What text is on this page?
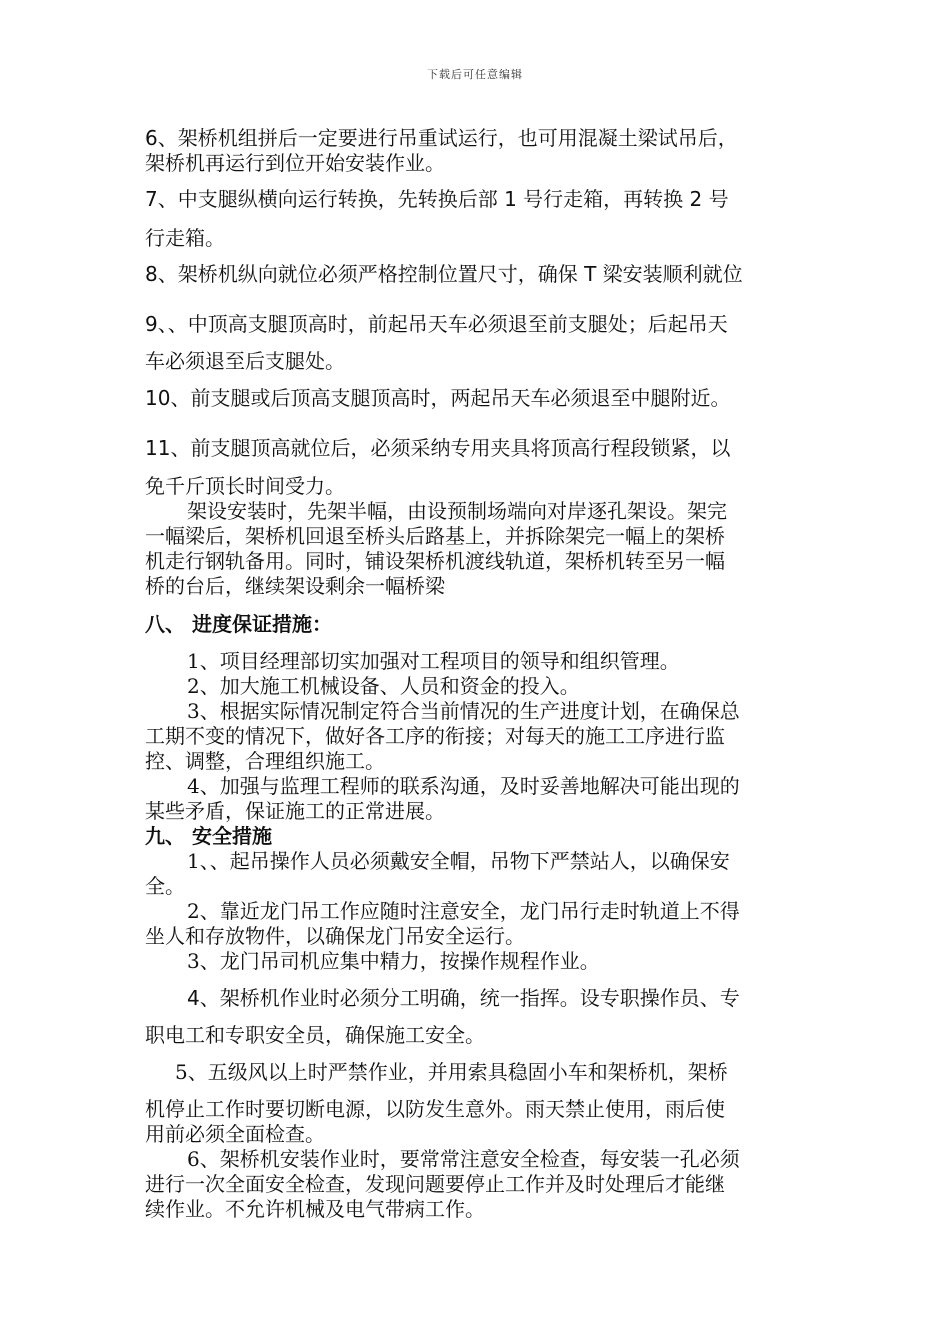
下载后可任意编辑
6、架桥机组拼后一定要进行吊重试运行，也可用混凝土梁试吊后，
架桥机再运行到位开始安装作业。
7、中支腿纵横向运行转换，先转换后部 1 号行走箱，再转换 2 号
行走箱。
8、架桥机纵向就位必须严格控制位置尺寸，确保 T 梁安装顺利就位
9、、中顶高支腿顶高时，前起吊天车必须退至前支腿处；后起吊天
车必须退至后支腿处。
10、前支腿或后顶高支腿顶高时，两起吊天车必须退至中腿附近。
11、前支腿顶高就位后，必须采纳专用夹具将顶高行程段锁紧，以
免千斤顶长时间受力。
架设安装时，先架半幅，由设预制场端向对岸逐孔架设。架完
一幅梁后，架桥机回退至桥头后路基上，并拆除架完一幅上的架桥
机走行钢轨备用。同时，铺设架桥机渡线轨道，架桥机转至另一幅
桥的台后，继续架设剩余一幅桥梁
八、 进度保证措施：
1、项目经理部切实加强对工程项目的领导和组织管理。
2、加大施工机械设备、人员和资金的投入。
3、根据实际情况制定符合当前情况的生产进度计划，在确保总
工期不变的情况下，做好各工序的衔接；对每天的施工工序进行监
控、调整，合理组织施工。
4、加强与监理工程师的联系沟通，及时妥善地解决可能出现的
某些矛盾，保证施工的正常进展。
九、 安全措施
1、、起吊操作人员必须戴安全帽，吊物下严禁站人，以确保安
全。
2、靠近龙门吊工作应随时注意安全，龙门吊行走时轨道上不得
坐人和存放物件，以确保龙门吊安全运行。
3、龙门吊司机应集中精力，按操作规程作业。
4、架桥机作业时必须分工明确，统一指挥。设专职操作员、专
职电工和专职安全员，确保施工安全。
5、五级风以上时严禁作业，并用索具稳固小车和架桥机，架桥
机停止工作时要切断电源，以防发生意外。雨天禁止使用，雨后使
用前必须全面检查。
6、架桥机安装作业时，要常常注意安全检查，每安装一孔必须
进行一次全面安全检查，发现问题要停止工作并及时处理后才能继
续作业。不允许机械及电气带病工作。
